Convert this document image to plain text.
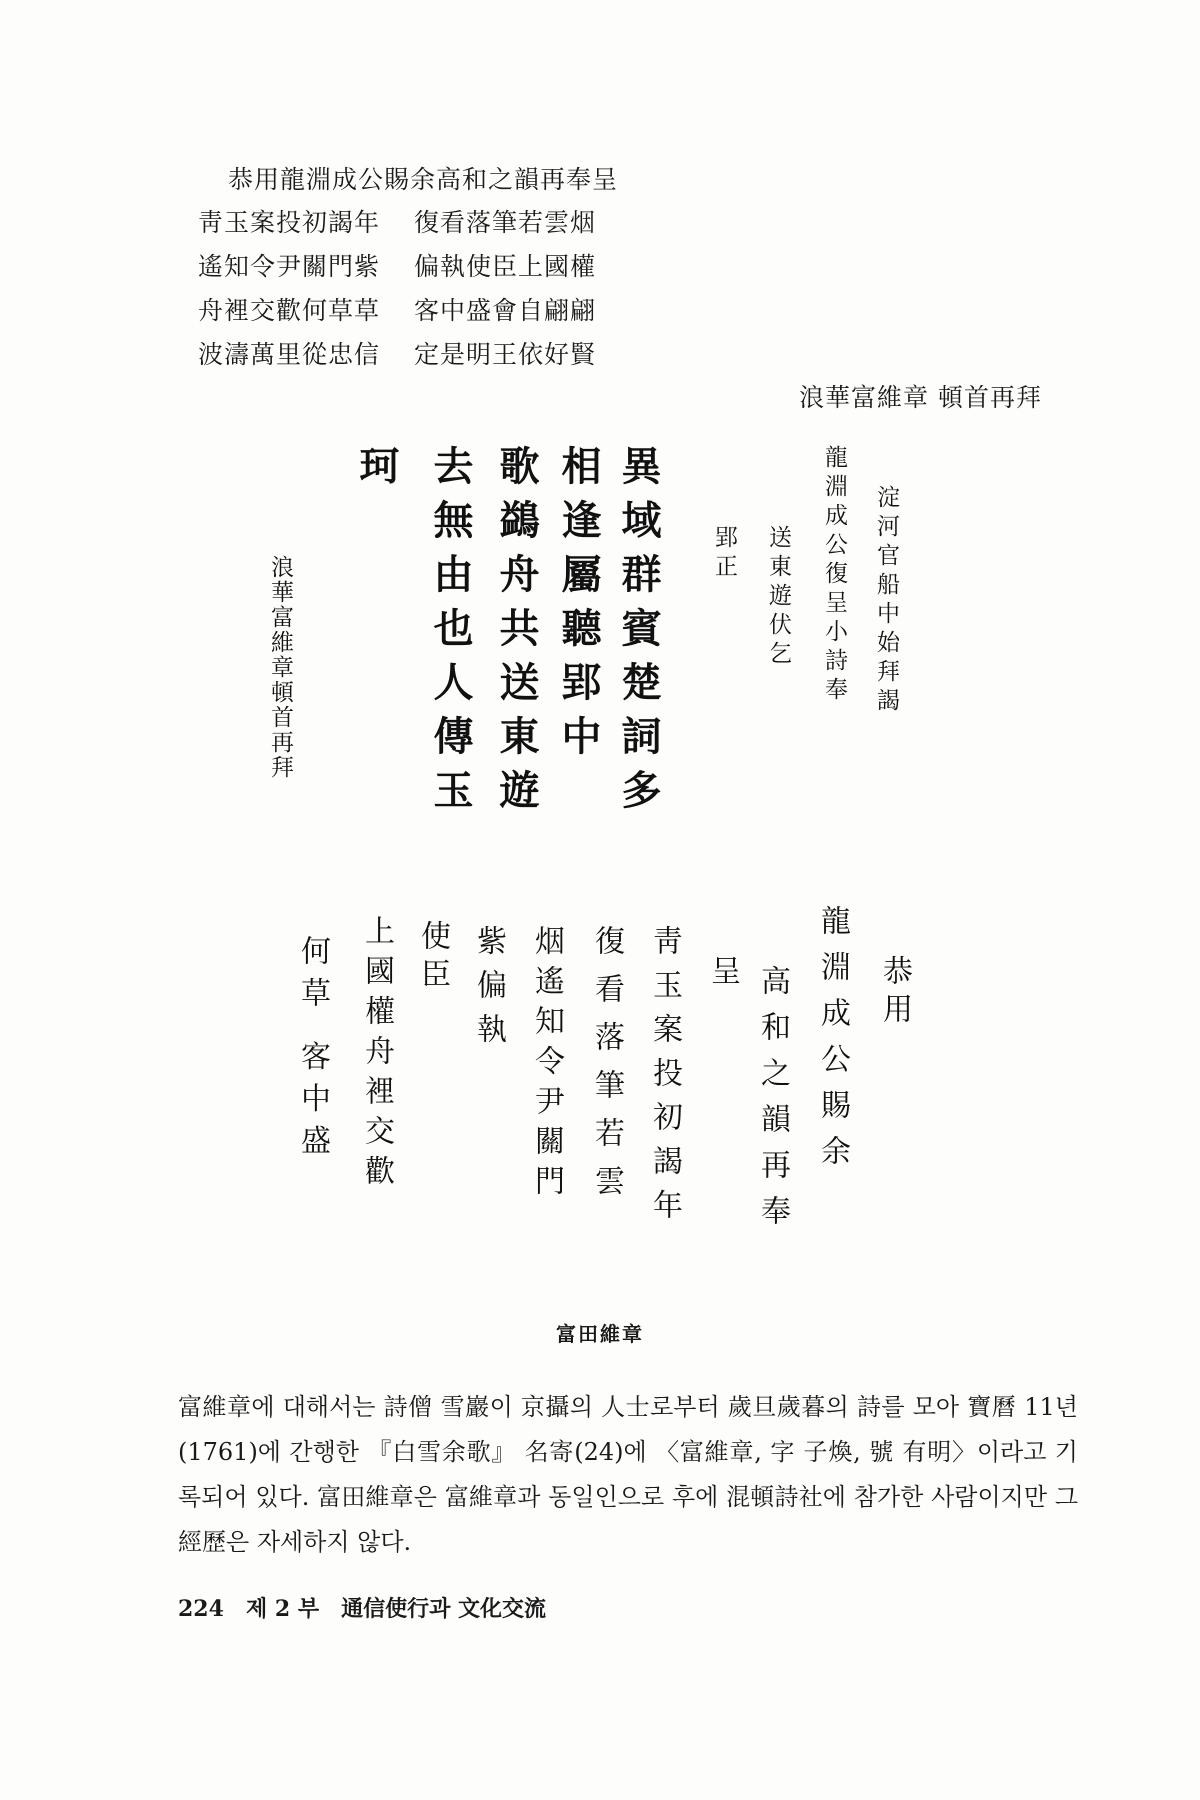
恭用龍淵成公賜余高和之韻再奉呈
靑玉案投初謁年 復看落筆若雲烟
遙知令尹關門紫 偏執使臣上國權
舟裡交歡何草草 客中盛會自翩翩
波濤萬里從忠信 定是明王依好賢
浪華富維章 頓首再拜
淀河官船中始拜謁
龍淵成公復呈小詩奉
送東遊伏乞
郢正
異域群賓楚詞多
相逢屬聽郢中
歌鷁舟共送東遊
去無由也人傳玉
珂
浪華富維章頓首再拜
恭用
龍淵成公賜余
高和之韻再奉
呈
靑玉案投初謁年
復看落筆若雲
烟遙知令尹關門
紫偏執
使臣
上國權舟裡交歡
何草 客中盛
富田維章
富維章에 대해서는 詩僧 雪巖이 京攝의 人士로부터 歲旦歲暮의 詩를 모아 寶曆 11년(1761)에 간행한 『白雪余歌』 名寄(24)에 〈富維章, 字 子煥, 號 有明〉이라고 기록되어 있다. 富田維章은 富維章과 동일인으로 후에 混頓詩社에 참가한 사람이지만 그 經歷은 자세하지 않다.
224 제 2 부 通信使行과 文化交流
